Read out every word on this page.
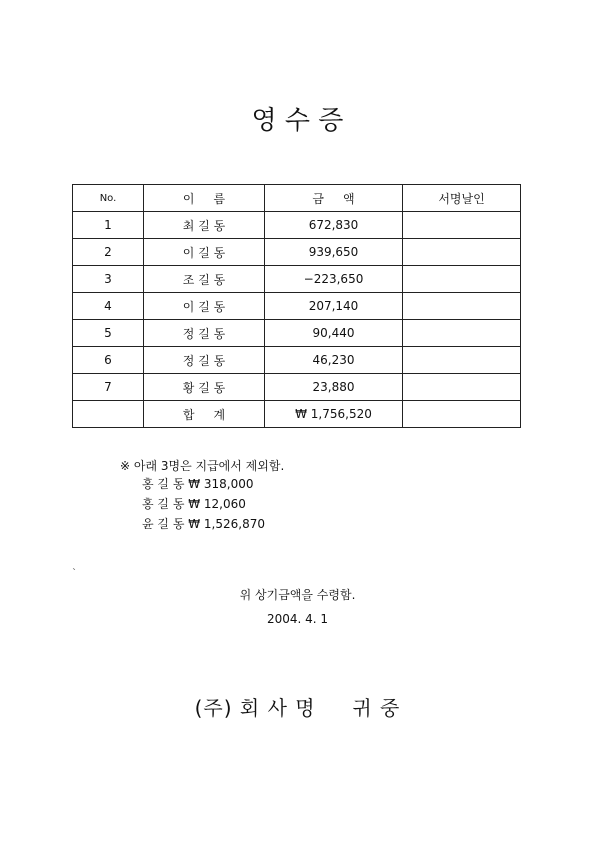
영 수 증
No.	이     름	금     액	서명날인
1	최 길 동	672,830	
2	이 길 동	939,650	
3	조 길 동	−223,650	
4	이 길 동	207,140	
5	정 길 동	90,440	
6	정 길 동	46,230	
7	황 길 동	23,880	
	합     계	₩ 1,756,520	
※ 아래 3명은 지급에서 제외함.
홍 길 동 ₩ 318,000
홍 길 동 ₩ 12,060
윤 길 동 ₩ 1,526,870
`
위 상기금액을 수령함.
2004. 4. 1
(주) 회 사 명     귀 중
